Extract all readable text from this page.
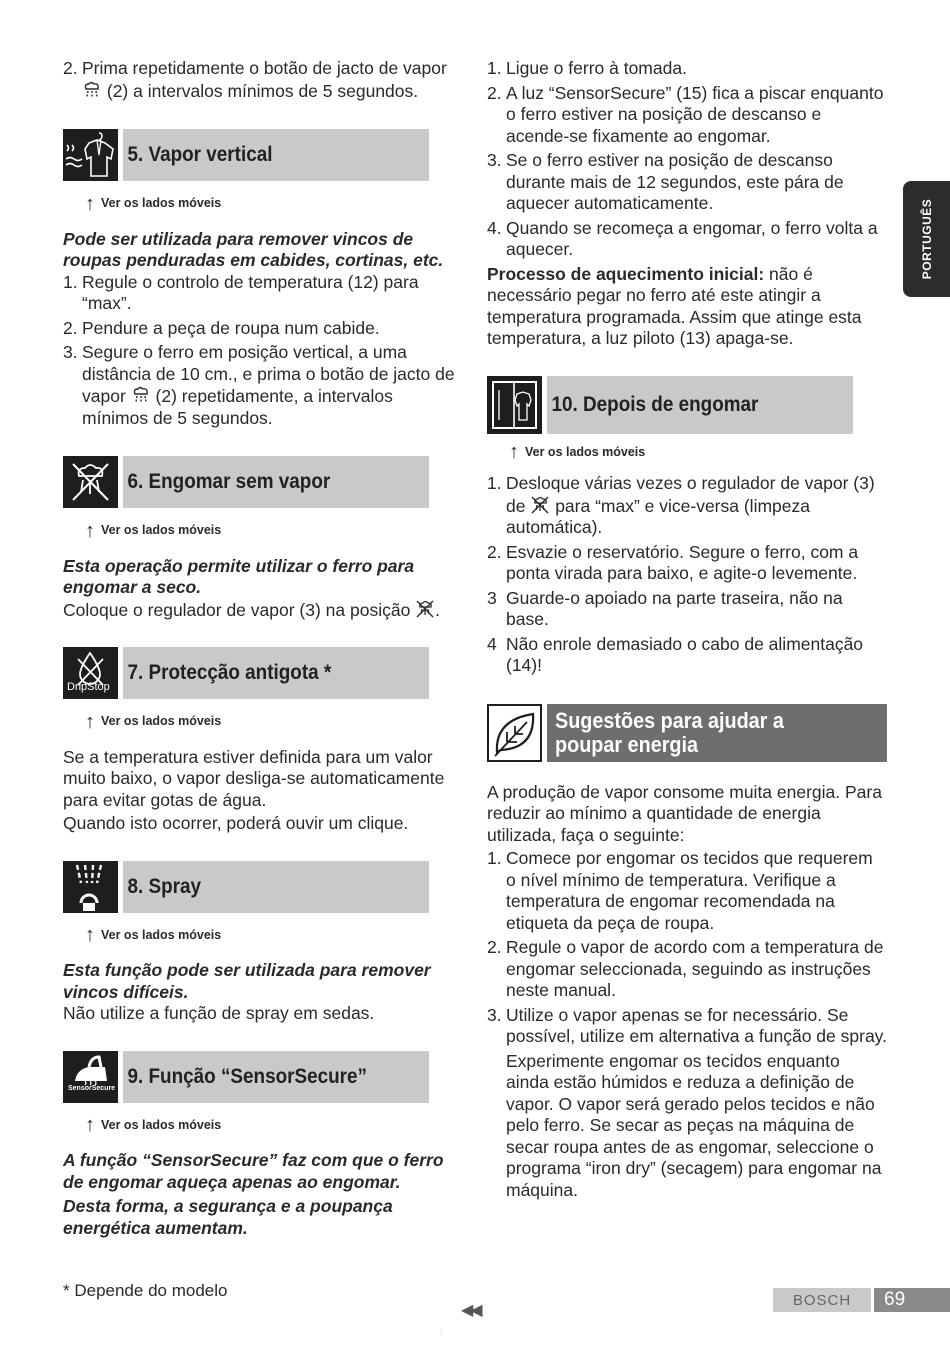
PORTUGUÊS
2. Prima repetidamente o botão de jacto de vapor  (2) a intervalos mínimos de 5 segundos.
5. Vapor vertical
↑ Ver os lados móveis

Pode ser utilizada para remover vincos de roupas penduradas em cabides, cortinas, etc.

1. Regule o controlo de temperatura (12) para “max”.
2. Pendure a peça de roupa num cabide.
3. Segure o ferro em posição vertical, a uma distância de 10 cm., e prima o botão de jacto de vapor  (2) repetidamente, a intervalos mínimos de 5 segundos.
6. Engomar sem vapor
↑ Ver os lados móveis

Esta operação permite utilizar o ferro para engomar a seco.

Coloque o regulador de vapor (3) na posição .

DripStop
7. Protecção antigota *
↑ Ver os lados móveis

Se a temperatura estiver definida para um valor muito baixo, o vapor desliga-se automaticamente para evitar gotas de água.

Quando isto ocorrer, poderá ouvir um clique.

8. Spray
↑ Ver os lados móveis

Esta função pode ser utilizada para remover vincos difíceis.

Não utilize a função de spray em sedas.

SensorSecure
9. Função “SensorSecure”
↑ Ver os lados móveis

A função “SensorSecure” faz com que o ferro de engomar aqueça apenas ao engomar.

Desta forma, a segurança e a poupança energética aumentam.

1. Ligue o ferro à tomada.
2. A luz “SensorSecure” (15) fica a piscar enquanto o ferro estiver na posição de descanso e acende-se fixamente ao engomar.
3. Se o ferro estiver na posição de descanso durante mais de 12 segundos, este pára de aquecer automaticamente.
4. Quando se recomeça a engomar, o ferro volta a aquecer.

Processo de aquecimento inicial: não é necessário pegar no ferro até este atingir a temperatura programada. Assim que atinge esta temperatura, a luz piloto (13) apaga-se.

10. Depois de engomar
↑ Ver os lados móveis
1. Desloque várias vezes o regulador de vapor (3) de  para “max” e vice-versa (limpeza automática).
2. Esvazie o reservatório. Segure o ferro, com a ponta virada para baixo, e agite-o levemente.
3 Guarde-o apoiado na parte traseira, não na base.
4 Não enrole demasiado o cabo de alimentação (14)!
Sugestões para ajudar a
poupar energia

A produção de vapor consome muita energia. Para reduzir ao mínimo a quantidade de energia utilizada, faça o seguinte:

1. Comece por engomar os tecidos que requerem o nível mínimo de temperatura. Verifique a temperatura de engomar recomendada na etiqueta da peça de roupa.
2. Regule o vapor de acordo com a temperatura de engomar seleccionada, seguindo as instruções neste manual.
3. Utilize o vapor apenas se for necessário. Se possível, utilize em alternativa a função de spray.
Experimente engomar os tecidos enquanto ainda estão húmidos e reduza a definição de vapor. O vapor será gerado pelos tecidos e não pelo ferro. Se secar as peças na máquina de secar roupa antes de as engomar, seleccione o programa “iron dry” (secagem) para engomar na máquina.
* Depende do modelo
◀◀
BOSCH	69
:
